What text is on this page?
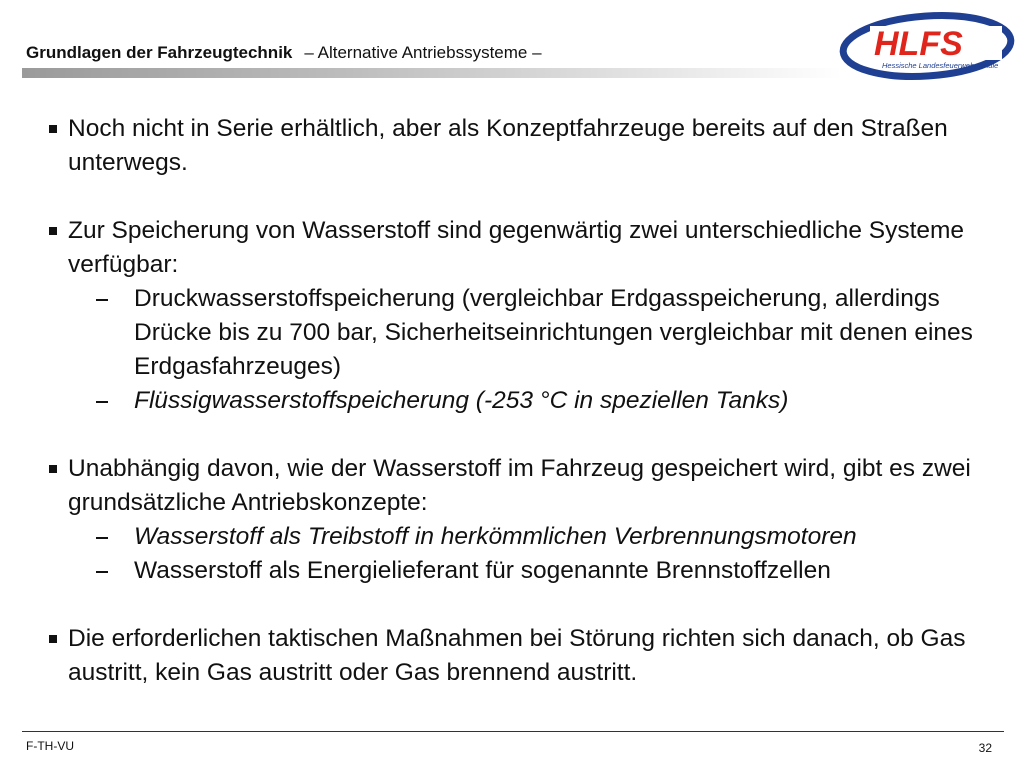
Grundlagen der Fahrzeugtechnik – Alternative Antriebssysteme –	HLFS
Hessische Landesfeuerwehrschule
Noch nicht in Serie erhältlich, aber als Konzeptfahrzeuge bereits auf den Straßen unterwegs.
Zur Speicherung von Wasserstoff sind gegenwärtig zwei unterschiedliche Systeme verfügbar:
Druckwasserstoffspeicherung (vergleichbar Erdgasspeicherung, allerdings Drücke bis zu 700 bar, Sicherheitseinrichtungen vergleichbar mit denen eines Erdgasfahrzeuges)
Flüssigwasserstoffspeicherung (-253 °C in speziellen Tanks)
Unabhängig davon, wie der Wasserstoff im Fahrzeug gespeichert wird, gibt es zwei grundsätzliche Antriebskonzepte:
Wasserstoff als Treibstoff in herkömmlichen Verbrennungsmotoren
Wasserstoff als Energielieferant für sogenannte Brennstoffzellen
Die erforderlichen taktischen Maßnahmen bei Störung richten sich danach, ob Gas austritt, kein Gas austritt oder Gas brennend austritt.
F-TH-VU	32
